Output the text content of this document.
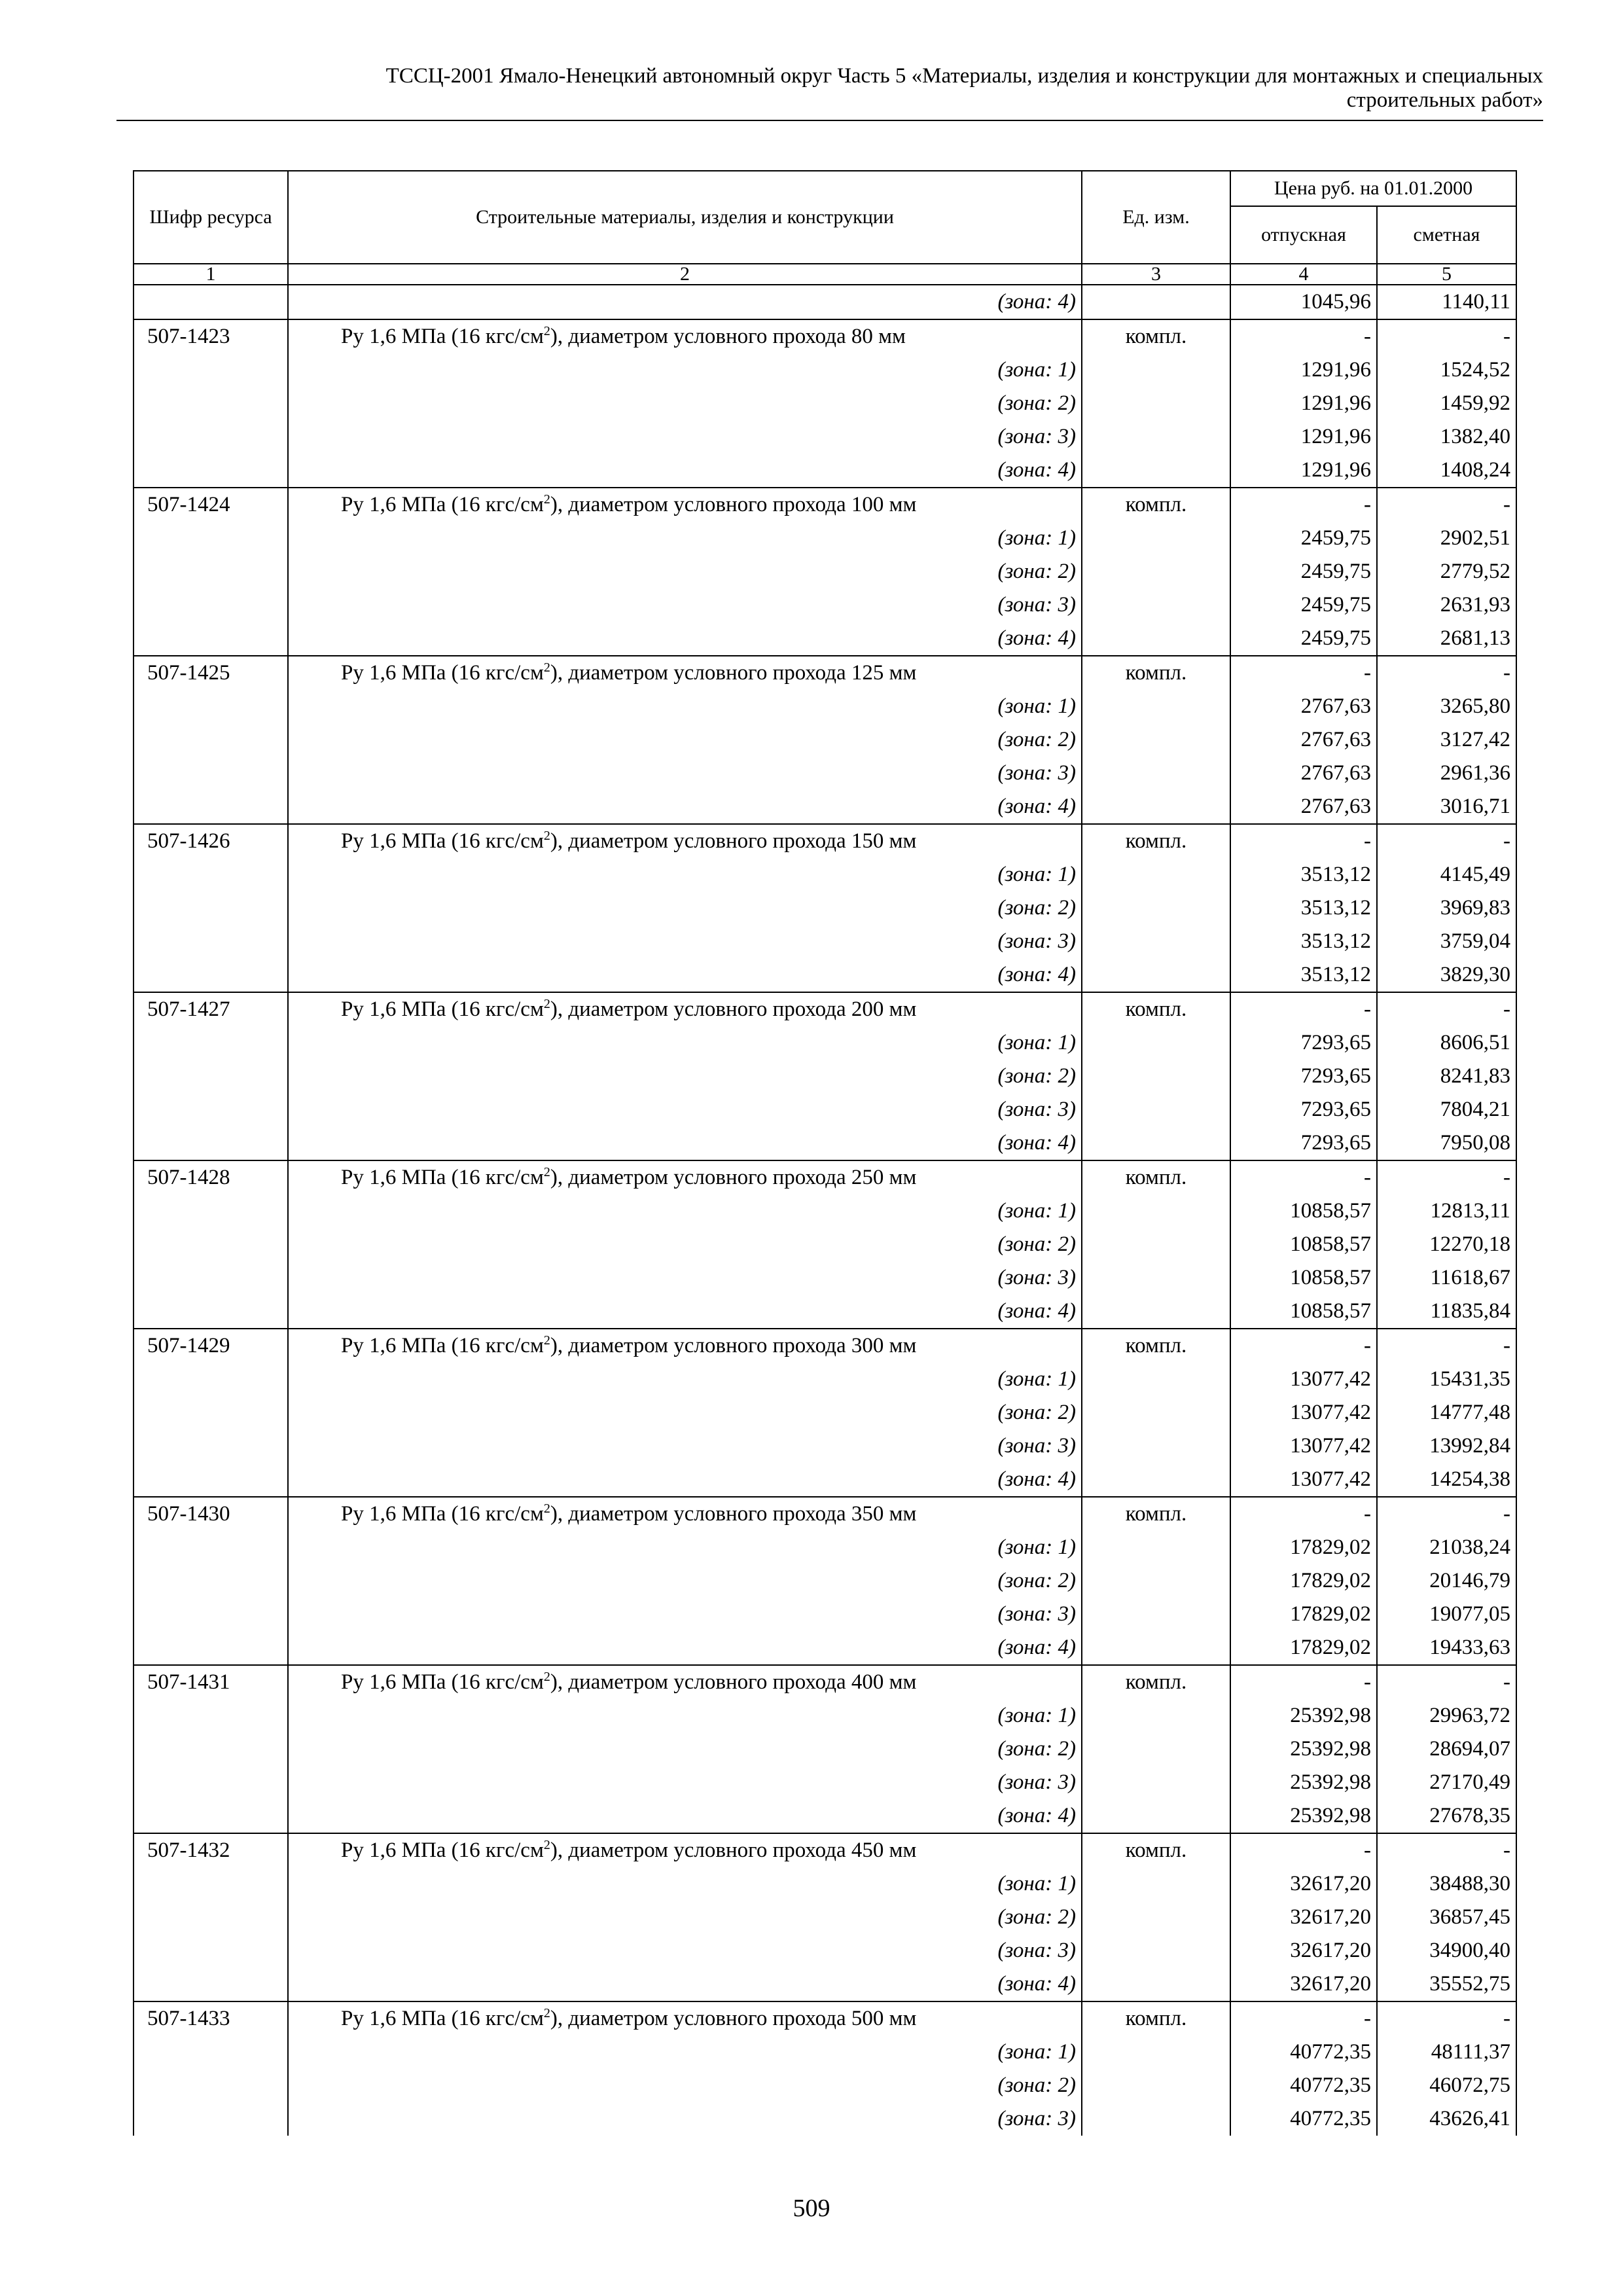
ТССЦ-2001 Ямало-Ненецкий автономный округ Часть 5 «Материалы, изделия и конструкции для монтажных и специальных
строительных работ»
Шифр ресурса	Строительные материалы, изделия и конструкции	Ед. изм.	Цена руб. на 01.01.2000	
			отпускная	сметная
1	2	3	4	5
	(зона: 4)		1045,96	1140,11
507-1423	Ру 1,6 МПа (16 кгс/$см^2$), диаметром условного прохода 80 мм	компл.	-	-
	(зона: 1)		1291,96	1524,52
	(зона: 2)		1291,96	1459,92
	(зона: 3)		1291,96	1382,40
	(зона: 4)		1291,96	1408,24
507-1424	Ру 1,6 МПа (16 кгс/$см^2$), диаметром условного прохода 100 мм	компл.	-	-
	(зона: 1)		2459,75	2902,51
	(зона: 2)		2459,75	2779,52
	(зона: 3)		2459,75	2631,93
	(зона: 4)		2459,75	2681,13
507-1425	Ру 1,6 МПа (16 кгс/$см^2$), диаметром условного прохода 125 мм	компл.	-	-
	(зона: 1)		2767,63	3265,80
	(зона: 2)		2767,63	3127,42
	(зона: 3)		2767,63	2961,36
	(зона: 4)		2767,63	3016,71
507-1426	Ру 1,6 МПа (16 кгс/$см^2$), диаметром условного прохода 150 мм	компл.	-	-
	(зона: 1)		3513,12	4145,49
	(зона: 2)		3513,12	3969,83
	(зона: 3)		3513,12	3759,04
	(зона: 4)		3513,12	3829,30
507-1427	Ру 1,6 МПа (16 кгс/$см^2$), диаметром условного прохода 200 мм	компл.	-	-
	(зона: 1)		7293,65	8606,51
	(зона: 2)		7293,65	8241,83
	(зона: 3)		7293,65	7804,21
	(зона: 4)		7293,65	7950,08
507-1428	Ру 1,6 МПа (16 кгс/$см^2$), диаметром условного прохода 250 мм	компл.	-	-
	(зона: 1)		10858,57	12813,11
	(зона: 2)		10858,57	12270,18
	(зона: 3)		10858,57	11618,67
	(зона: 4)		10858,57	11835,84
507-1429	Ру 1,6 МПа (16 кгс/$см^2$), диаметром условного прохода 300 мм	компл.	-	-
	(зона: 1)		13077,42	15431,35
	(зона: 2)		13077,42	14777,48
	(зона: 3)		13077,42	13992,84
	(зона: 4)		13077,42	14254,38
507-1430	Ру 1,6 МПа (16 кгс/$см^2$), диаметром условного прохода 350 мм	компл.	-	-
	(зона: 1)		17829,02	21038,24
	(зона: 2)		17829,02	20146,79
	(зона: 3)		17829,02	19077,05
	(зона: 4)		17829,02	19433,63
507-1431	Ру 1,6 МПа (16 кгс/$см^2$), диаметром условного прохода 400 мм	компл.	-	-
	(зона: 1)		25392,98	29963,72
	(зона: 2)		25392,98	28694,07
	(зона: 3)		25392,98	27170,49
	(зона: 4)		25392,98	27678,35
507-1432	Ру 1,6 МПа (16 кгс/$см^2$), диаметром условного прохода 450 мм	компл.	-	-
	(зона: 1)		32617,20	38488,30
	(зона: 2)		32617,20	36857,45
	(зона: 3)		32617,20	34900,40
	(зона: 4)		32617,20	35552,75
507-1433	Ру 1,6 МПа (16 кгс/$см^2$), диаметром условного прохода 500 мм	компл.	-	-
	(зона: 1)		40772,35	48111,37
	(зона: 2)		40772,35	46072,75
	(зона: 3)		40772,35	43626,41
509
